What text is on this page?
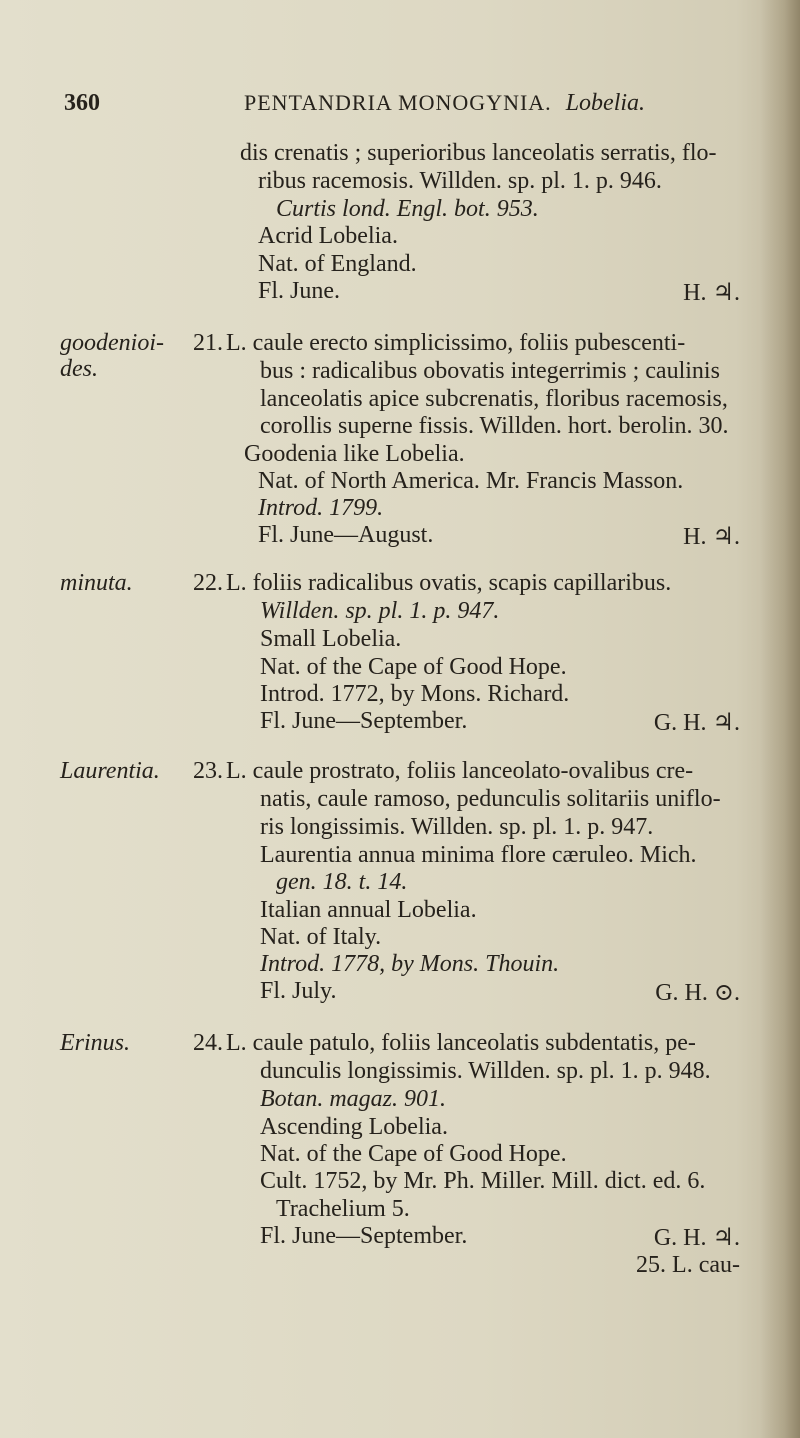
360	PENTANDRIA MONOGYNIA. Lobelia.
dis crenatis ; superioribus lanceolatis serratis, flo-
ribus racemosis. Willden. sp. pl. 1. p. 946.
Curtis lond. Engl. bot. 953.
Acrid Lobelia.
Nat. of England.
Fl. June.	H. ♃.
goodenioi-des.
21. L. caule erecto simplicissimo, foliis pubescenti-
bus : radicalibus obovatis integerrimis ; caulinis
lanceolatis apice subcrenatis, floribus racemosis,
corollis superne fissis. Willden. hort. berolin. 30.
Goodenia like Lobelia.
Nat. of North America. Mr. Francis Masson.
Introd. 1799.
Fl. June—August.	H. ♃.
minuta.	22. L. foliis radicalibus ovatis, scapis capillaribus.
Willden. sp. pl. 1. p. 947.
Small Lobelia.
Nat. of the Cape of Good Hope.
Introd. 1772, by Mons. Richard.
Fl. June—September.	G. H. ♃.
Laurentia. 23. L. caule prostrato, foliis lanceolato-ovalibus cre-
natis, caule ramoso, pedunculis solitariis uniflo-
ris longissimis. Willden. sp. pl. 1. p. 947.
Laurentia annua minima flore cæruleo. Mich.
gen. 18. t. 14.
Italian annual Lobelia.
Nat. of Italy.
Introd. 1778, by Mons. Thouin.
Fl. July.	G. H. ⊙.
Erinus.	24. L. caule patulo, foliis lanceolatis subdentatis, pe-
dunculis longissimis. Willden. sp. pl. 1. p. 948.
Botan. magaz. 901.
Ascending Lobelia.
Nat. of the Cape of Good Hope.
Cult. 1752, by Mr. Ph. Miller. Mill. dict. ed. 6.
Trachelium 5.
Fl. June—September.	G. H. ♃.
25. L. cau-
